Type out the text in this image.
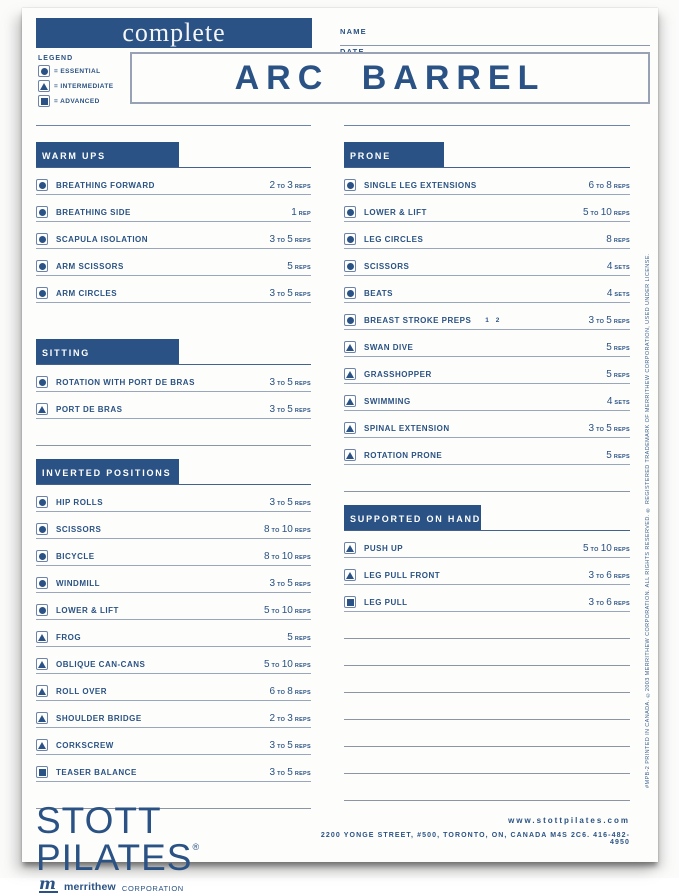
complete	NAME
ARC BARREL
LEGEND
= ESSENTIAL
= INTERMEDIATE
= ADVANCED
WARM UPS
BREATHING FORWARD	2 TO 3 REPS
BREATHING SIDE	1 REP
SCAPULA ISOLATION	3 TO 5 REPS
ARM SCISSORS	5 REPS
ARM CIRCLES	3 TO 5 REPS
SITTING
ROTATION WITH PORT DE BRAS	3 TO 5 REPS
PORT DE BRAS	3 TO 5 REPS
INVERTED POSITIONS
HIP ROLLS	3 TO 5 REPS
SCISSORS	8 TO 10 REPS
BICYCLE	8 TO 10 REPS
WINDMILL	3 TO 5 REPS
LOWER & LIFT	5 TO 10 REPS
FROG	5 REPS
OBLIQUE CAN-CANS	5 TO 10 REPS
ROLL OVER	6 TO 8 REPS
SHOULDER BRIDGE	2 TO 3 REPS
CORKSCREW	3 TO 5 REPS
TEASER BALANCE	3 TO 5 REPS
PRONE
SINGLE LEG EXTENSIONS	6 TO 8 REPS
LOWER & LIFT	5 TO 10 REPS
LEG CIRCLES	8 REPS
SCISSORS	4 SETS
BEATS	4 SETS
BREAST STROKE PREPS 1 2	3 TO 5 REPS
SWAN DIVE	5 REPS
GRASSHOPPER	5 REPS
SWIMMING	4 SETS
SPINAL EXTENSION	3 TO 5 REPS
ROTATION PRONE	5 REPS
SUPPORTED ON HANDS
PUSH UP	5 TO 10 REPS
LEG PULL FRONT	3 TO 6 REPS
LEG PULL	3 TO 6 REPS
STOTT PILATES®
m merrithew CORPORATION
www.stottpilates.com
2200 YONGE STREET, #500, TORONTO, ON, CANADA M4S 2C6. 416-482-4950
#MPB-2 PRINTED IN CANADA. ©2003 MERRITHEW CORPORATION. ALL RIGHTS RESERVED. ® REGISTERED TRADEMARK OF MERRITHEW CORPORATION, USED UNDER LICENSE.
